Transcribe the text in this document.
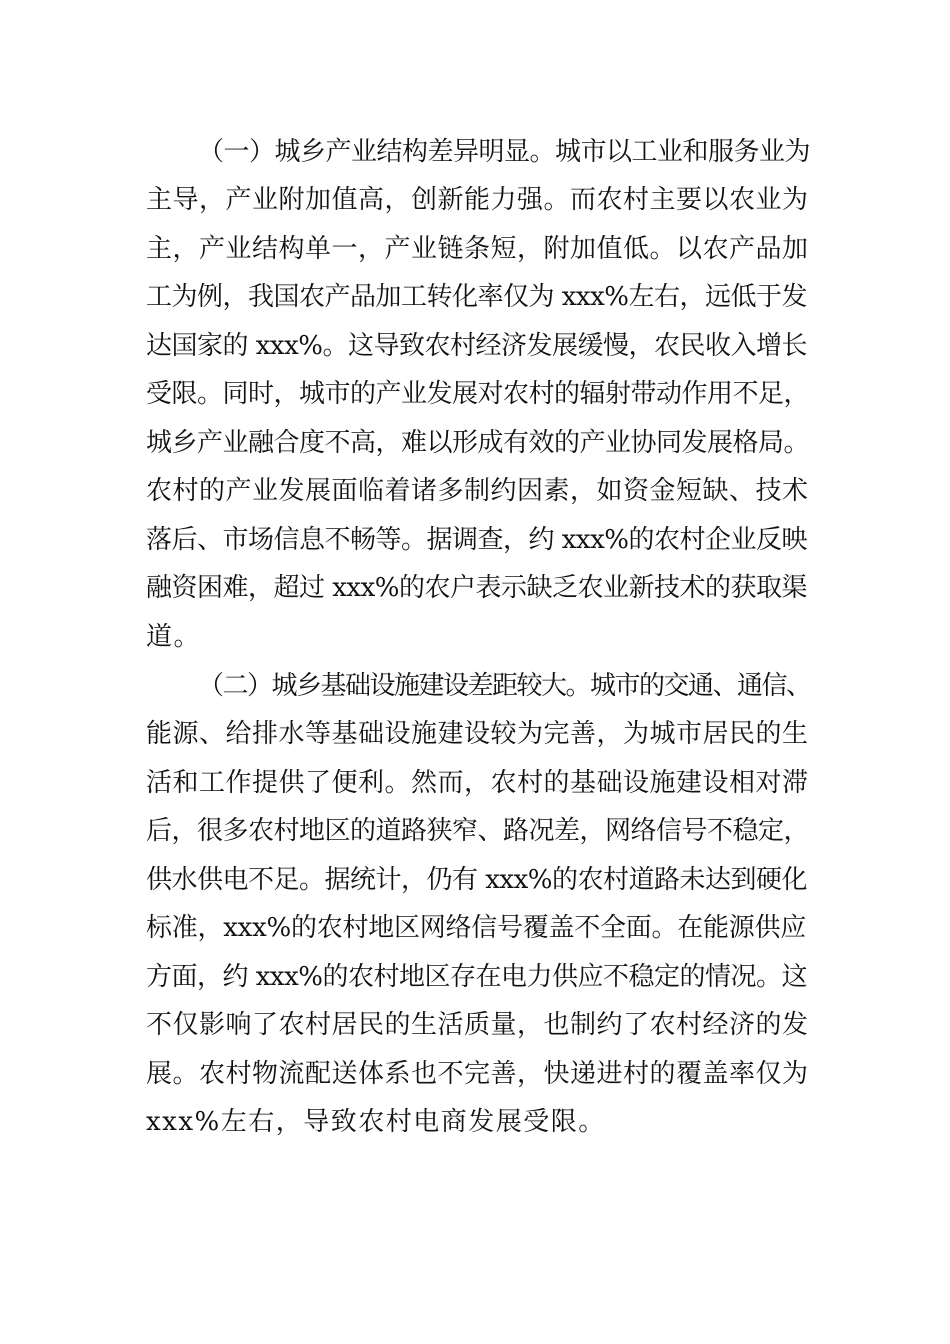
（一）城乡产业结构差异明显。城市以工业和服务业为
主导，产业附加值高，创新能力强。而农村主要以农业为
主，产业结构单一，产业链条短，附加值低。以农产品加
工为例，我国农产品加工转化率仅为 xxx%左右，远低于发
达国家的 xxx%。这导致农村经济发展缓慢，农民收入增长
受限。同时，城市的产业发展对农村的辐射带动作用不足，
城乡产业融合度不高，难以形成有效的产业协同发展格局。
农村的产业发展面临着诸多制约因素，如资金短缺、技术
落后、市场信息不畅等。据调查，约 xxx%的农村企业反映
融资困难，超过 xxx%的农户表示缺乏农业新技术的获取渠
道。
（二）城乡基础设施建设差距较大。城市的交通、通信、
能源、给排水等基础设施建设较为完善，为城市居民的生
活和工作提供了便利。然而，农村的基础设施建设相对滞
后，很多农村地区的道路狭窄、路况差，网络信号不稳定，
供水供电不足。据统计，仍有 xxx%的农村道路未达到硬化
标准，xxx%的农村地区网络信号覆盖不全面。在能源供应
方面，约 xxx%的农村地区存在电力供应不稳定的情况。这
不仅影响了农村居民的生活质量，也制约了农村经济的发
展。农村物流配送体系也不完善，快递进村的覆盖率仅为
xxx%左右，导致农村电商发展受限。
